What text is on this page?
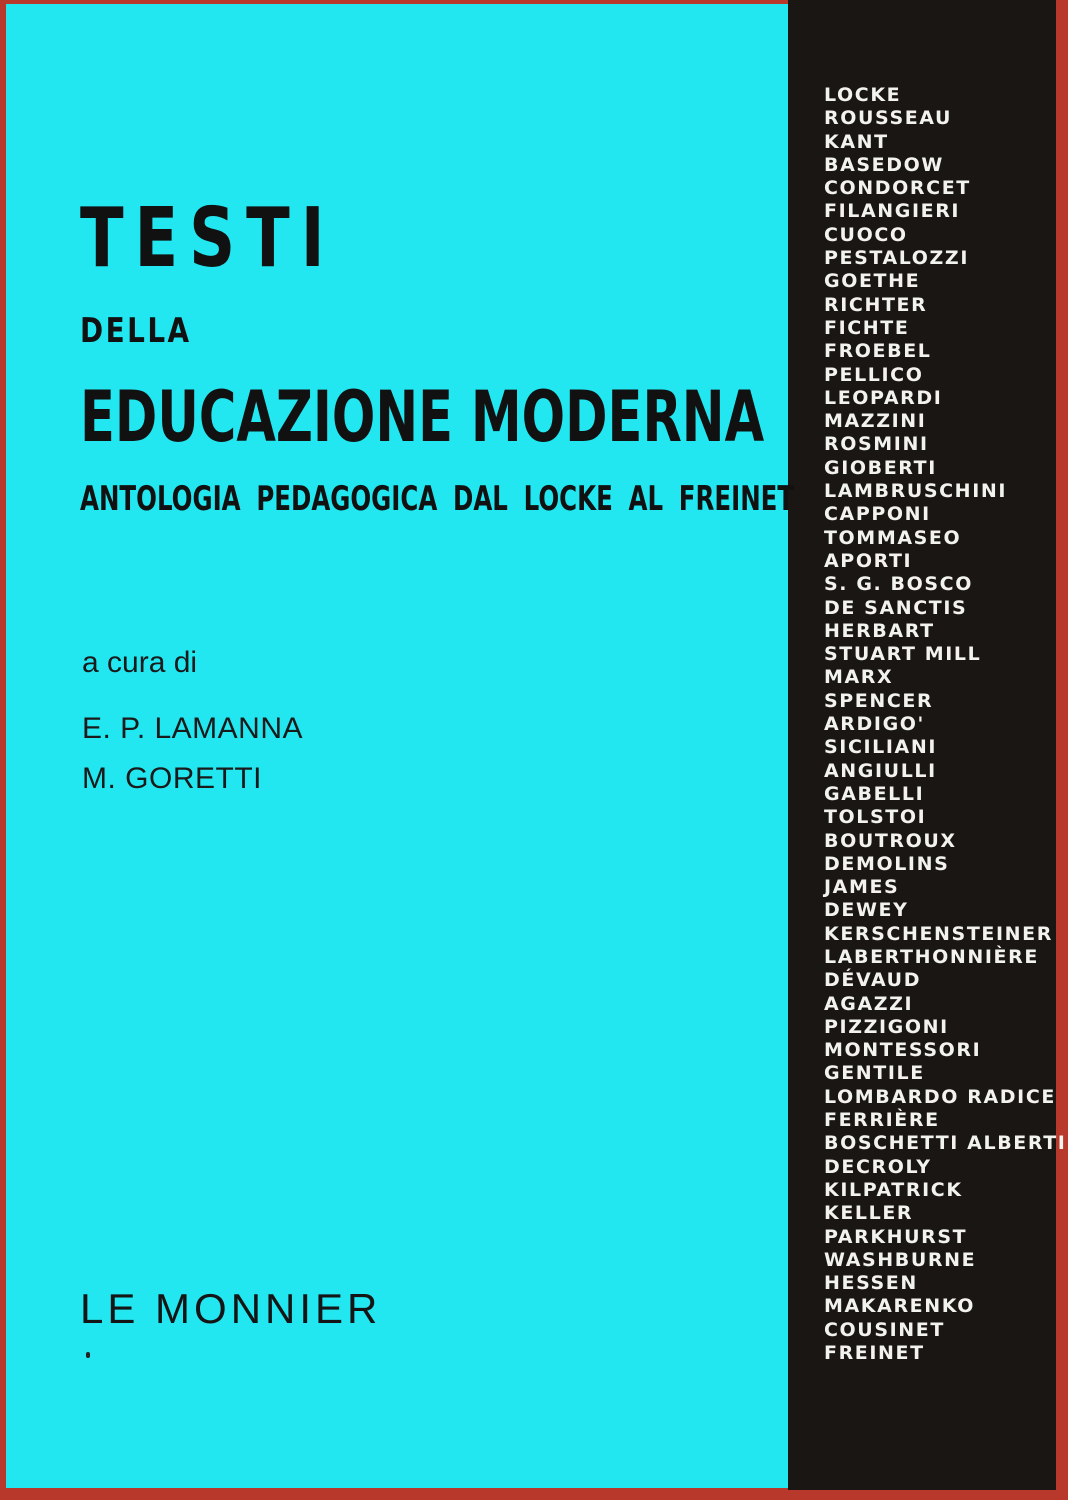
TESTI
DELLA
EDUCAZIONE MODERNA
ANTOLOGIA PEDAGOGICA DAL LOCKE AL FREINET
a cura di
E. P. LAMANNA
M. GORETTI
LE MONNIER
LOCKE
ROUSSEAU
KANT
BASEDOW
CONDORCET
FILANGIERI
CUOCO
PESTALOZZI
GOETHE
RICHTER
FICHTE
FROEBEL
PELLICO
LEOPARDI
MAZZINI
ROSMINI
GIOBERTI
LAMBRUSCHINI
CAPPONI
TOMMASEO
APORTI
S. G. BOSCO
DE SANCTIS
HERBART
STUART MILL
MARX
SPENCER
ARDIGO'
SICILIANI
ANGIULLI
GABELLI
TOLSTOI
BOUTROUX
DEMOLINS
JAMES
DEWEY
KERSCHENSTEINER
LABERTHONNIÈRE
DÉVAUD
AGAZZI
PIZZIGONI
MONTESSORI
GENTILE
LOMBARDO RADICE
FERRIÈRE
BOSCHETTI ALBERTI
DECROLY
KILPATRICK
KELLER
PARKHURST
WASHBURNE
HESSEN
MAKARENKO
COUSINET
FREINET
